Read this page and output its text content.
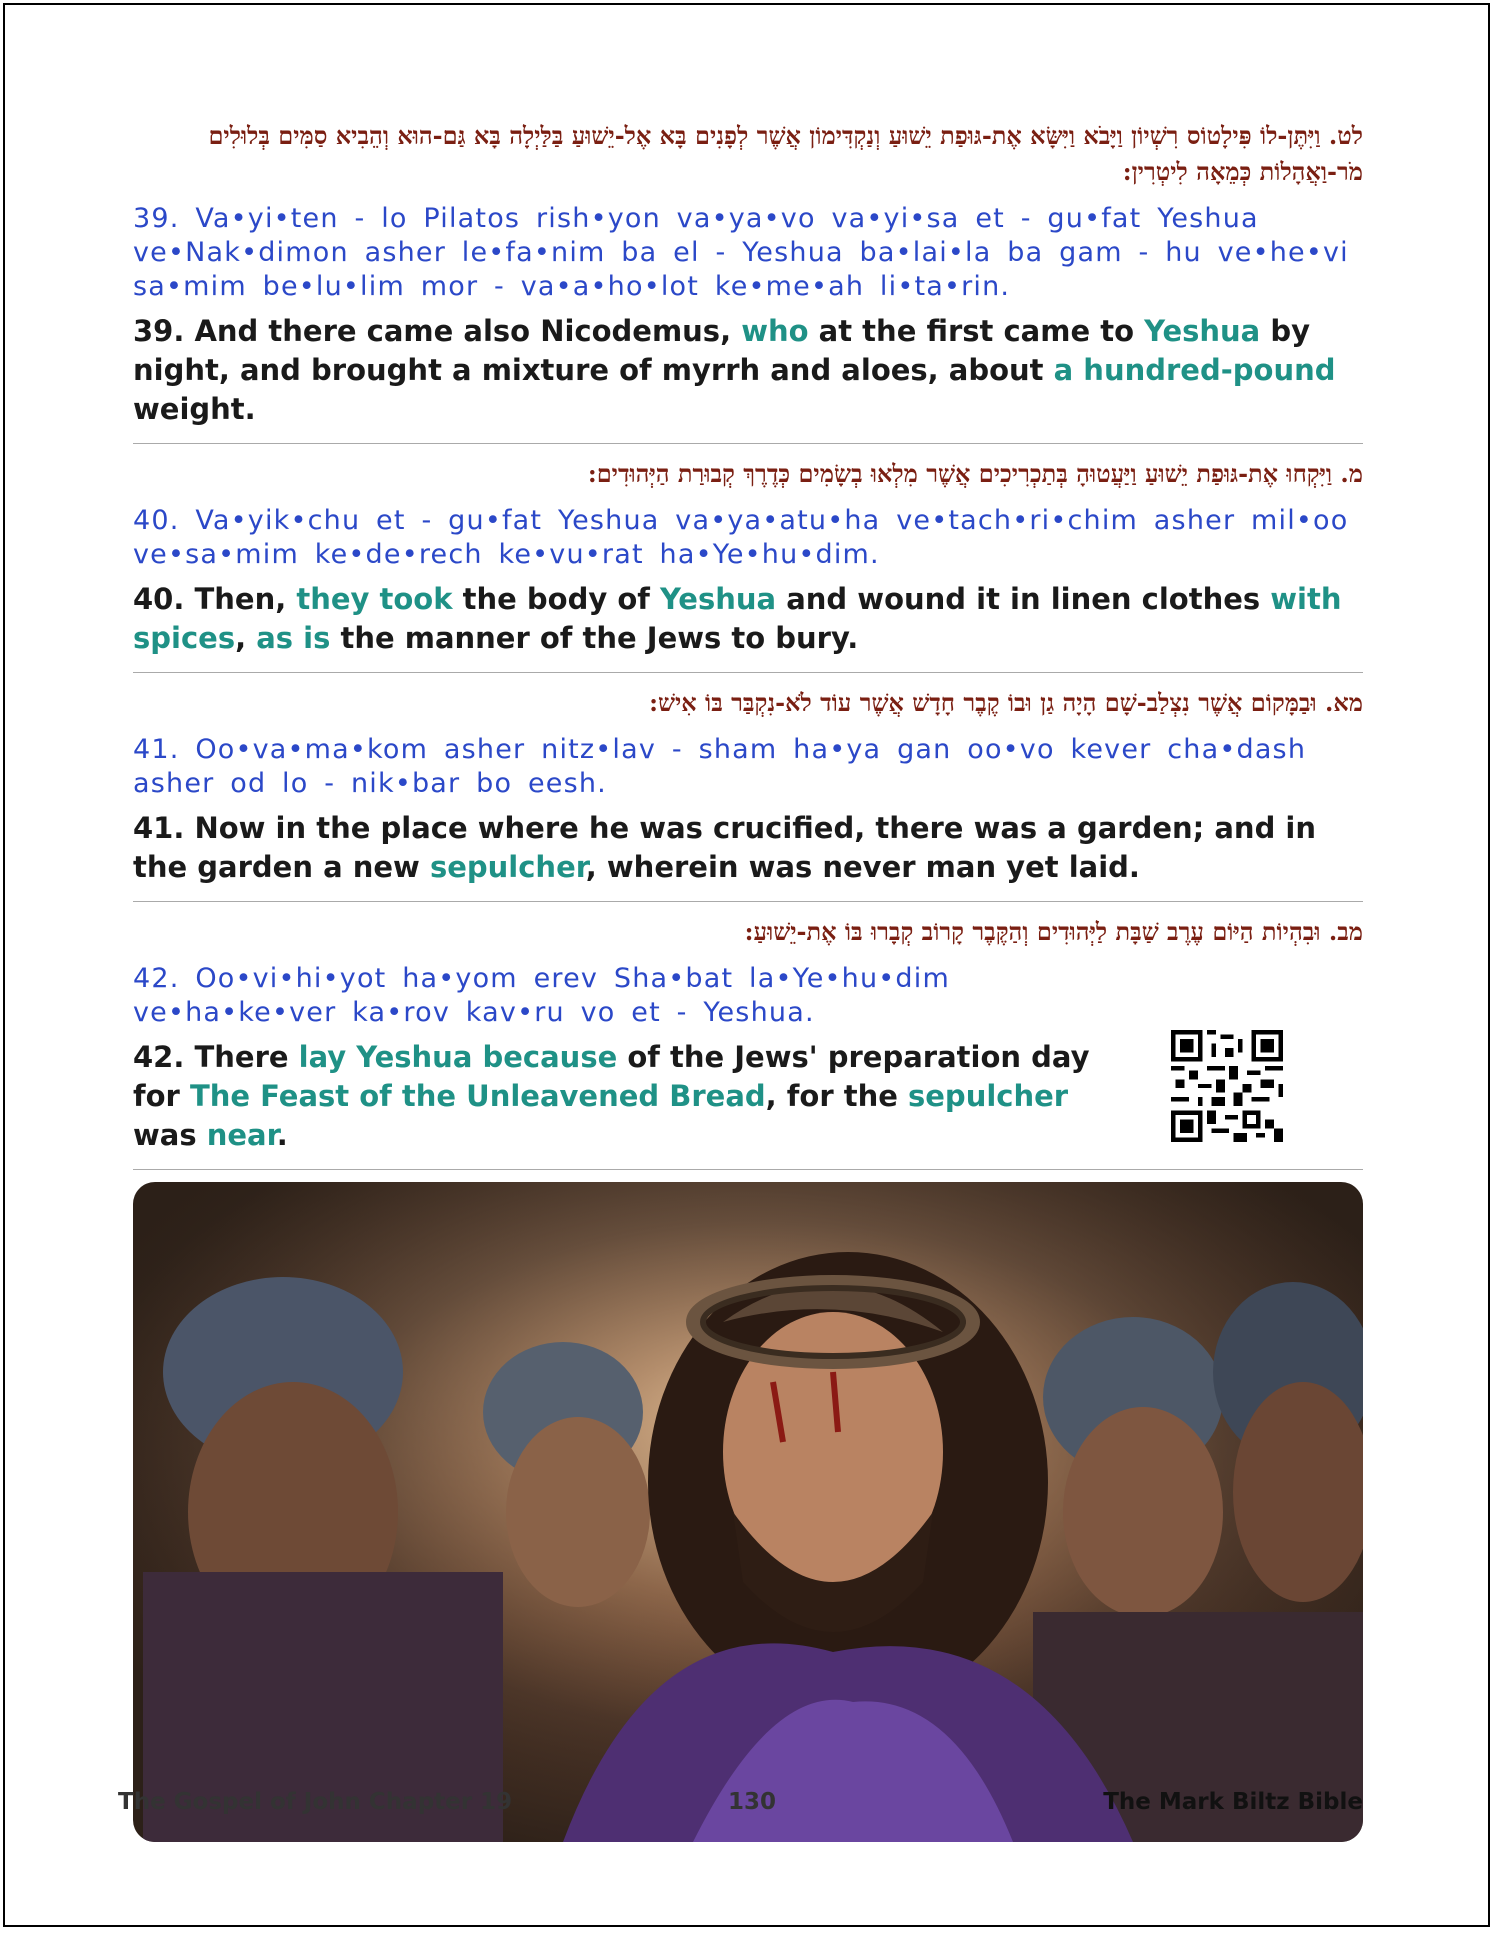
לט. וַיִּתֶּן-לוֹ פִּילָטוֹס רִשְׁיוֹן וַיָּבֹא וַיִּשָּׂא אֶת-גּוּפַת יֵשׁוּעַ וְנַקְדִּימוֹן אֲשֶׁר לְפָנִים בָּא אֶל-יֵשׁוּעַ בַּלַּיְלָה בָּא גַּם-הוּא וְהֵבִיא סַמִּים בְּלוּלִים מֹר-וַאֲהָלוֹת כְּמֵאָה לִיטְרִין:
39. Va•yi•ten - lo Pilatos rish•yon va•ya•vo va•yi•sa et - gu•fat Yeshua ve•Nak•dimon asher le•fa•nim ba el - Yeshua ba•lai•la ba gam - hu ve•he•vi sa•mim be•lu•lim mor - va•a•ho•lot ke•me•ah li•ta•rin.
39. And there came also Nicodemus, who at the first came to Yeshua by night, and brought a mixture of myrrh and aloes, about a hundred-pound weight.
מ. וַיִּקְחוּ אֶת-גּוּפַת יֵשׁוּעַ וַיַּעֲטוּהָ בְּתַכְרִיכִים אֲשֶׁר מִלְאוּ בְשָׂמִים כְּדֶרֶךְ קְבוּרַת הַיְּהוּדִים:
40. Va•yik•chu et - gu•fat Yeshua va•ya•atu•ha ve•tach•ri•chim asher mil•oo ve•sa•mim ke•de•rech ke•vu•rat ha•Ye•hu•dim.
40. Then, they took the body of Yeshua and wound it in linen clothes with spices, as is the manner of the Jews to bury.
מא. וּבַמָּקוֹם אֲשֶׁר נִצְלַב-שָׁם הָיָה גַן וּבוֹ קֶבֶר חָדָשׁ אֲשֶׁר עוֹד לֹא-נִקְבַּר בּוֹ אִישׁ:
41. Oo•va•ma•kom asher nitz•lav - sham ha•ya gan oo•vo kever cha•dash asher od lo - nik•bar bo eesh.
41. Now in the place where he was crucified, there was a garden; and in the garden a new sepulcher, wherein was never man yet laid.
מב. וּבִהְיוֹת הַיּוֹם עֶרֶב שַׁבָּת לַיְּהוּדִים וְהַקֶּבֶר קָרוֹב קְבָרוּ בּוֹ אֶת-יֵשׁוּעַ:
42. Oo•vi•hi•yot ha•yom erev Sha•bat la•Ye•hu•dim ve•ha•ke•ver ka•rov kav•ru vo et - Yeshua.
42. There lay Yeshua because of the Jews' preparation day for The Feast of the Unleavened Bread, for the sepulcher was near.
The Gospel of John Chapter 19	130	The Mark Biltz Bible
